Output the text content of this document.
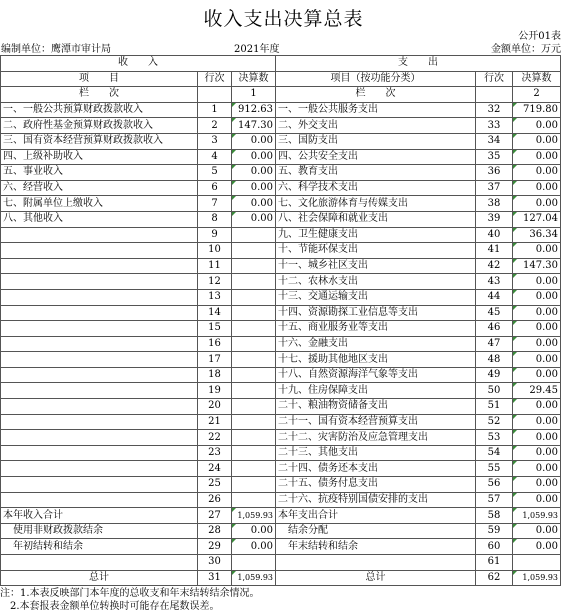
收入支出决算总表
公开01表
编制单位：鹰潭市审计局	2021年度	金额单位：万元
收　　入			支　　出		
项　　目	行次	决算数	项目（按功能分类）	行次	决算数
栏　　次		1	栏　　次		2
一、一般公共预算财政拨款收入	1	912.63	一、一般公共服务支出	32	719.80
二、政府性基金预算财政拨款收入	2	147.30	二、外交支出	33	0.00
三、国有资本经营预算财政拨款收入	3	0.00	三、国防支出	34	0.00
四、上级补助收入	4	0.00	四、公共安全支出	35	0.00
五、事业收入	5	0.00	五、教育支出	36	0.00
六、经营收入	6	0.00	六、科学技术支出	37	0.00
七、附属单位上缴收入	7	0.00	七、文化旅游体育与传媒支出	38	0.00
八、其他收入	8	0.00	八、社会保障和就业支出	39	127.04
	9		九、卫生健康支出	40	36.34
	10		十、节能环保支出	41	0.00
	11		十一、城乡社区支出	42	147.30
	12		十二、农林水支出	43	0.00
	13		十三、交通运输支出	44	0.00
	14		十四、资源勘探工业信息等支出	45	0.00
	15		十五、商业服务业等支出	46	0.00
	16		十六、金融支出	47	0.00
	17		十七、援助其他地区支出	48	0.00
	18		十八、自然资源海洋气象等支出	49	0.00
	19		十九、住房保障支出	50	29.45
	20		二十、粮油物资储备支出	51	0.00
	21		二十一、国有资本经营预算支出	52	0.00
	22		二十二、灾害防治及应急管理支出	53	0.00
	23		二十三、其他支出	54	0.00
	24		二十四、债务还本支出	55	0.00
	25		二十五、债务付息支出	56	0.00
	26		二十六、抗疫特别国债安排的支出	57	0.00
本年收入合计	27	1,059.93	本年支出合计	58	1,059.93
　使用非财政拨款结余	28	0.00	　结余分配	59	0.00
　年初结转和结余	29	0.00	　年末结转和结余	60	0.00
	30			61	
总计	31	1,059.93	总计	62	1,059.93
注：1.本表反映部门本年度的总收支和年末结转结余情况。
　2.本套报表金额单位转换时可能存在尾数误差。
